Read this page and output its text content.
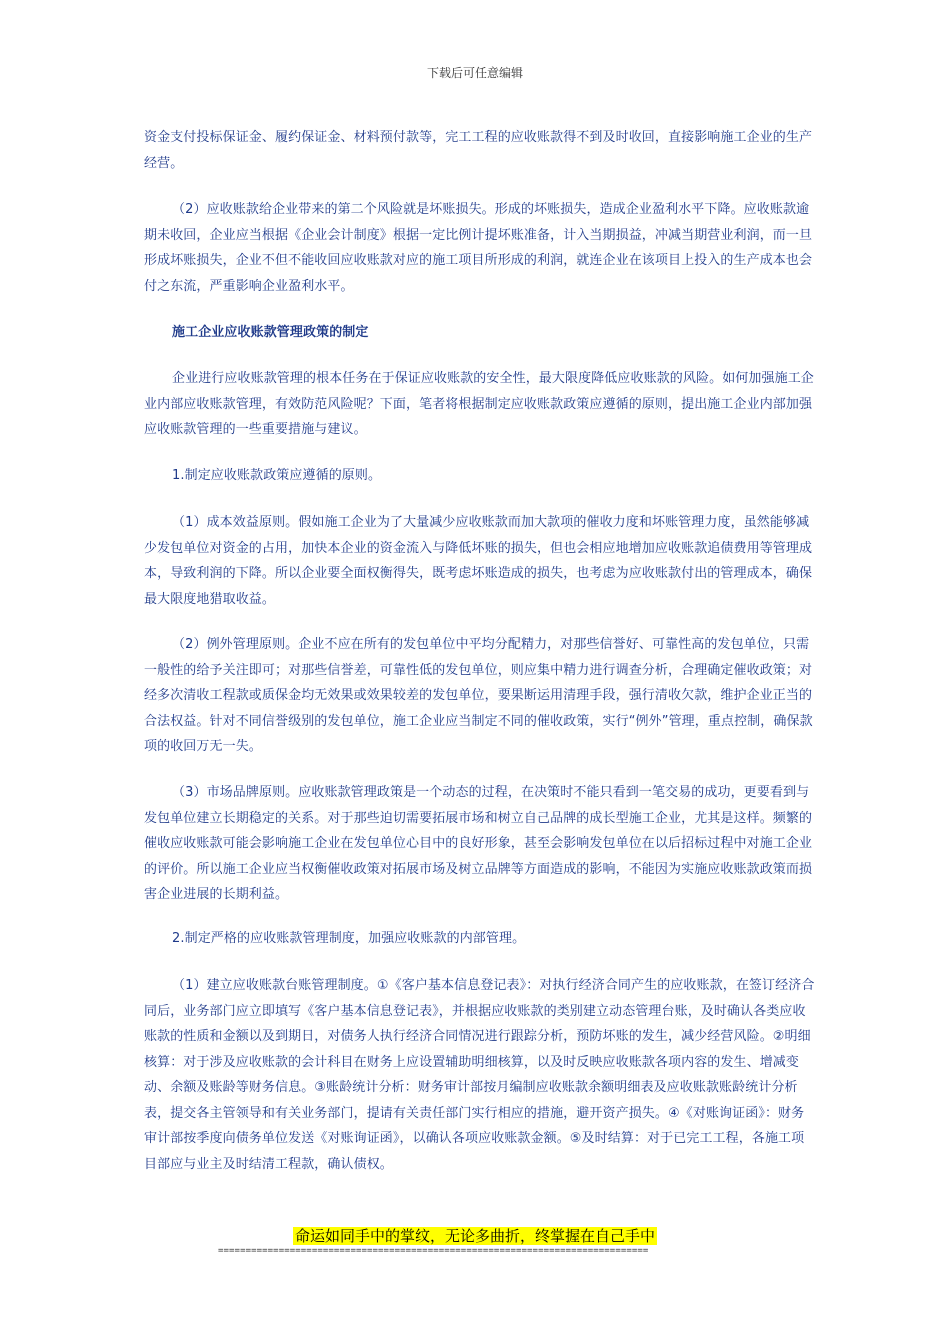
下载后可任意编辑

资金支付投标保证金、履约保证金、材料预付款等，完工工程的应收账款得不到及时收回，直接影响施工企业的生产经营。

（2）应收账款给企业带来的第二个风险就是坏账损失。形成的坏账损失，造成企业盈利水平下降。应收账款逾期未收回，企业应当根据《企业会计制度》根据一定比例计提坏账准备，计入当期损益，冲减当期营业利润，而一旦形成坏账损失，企业不但不能收回应收账款对应的施工项目所形成的利润，就连企业在该项目上投入的生产成本也会付之东流，严重影响企业盈利水平。

施工企业应收账款管理政策的制定

企业进行应收账款管理的根本任务在于保证应收账款的安全性，最大限度降低应收账款的风险。如何加强施工企业内部应收账款管理，有效防范风险呢？下面，笔者将根据制定应收账款政策应遵循的原则，提出施工企业内部加强应收账款管理的一些重要措施与建议。

1.制定应收账款政策应遵循的原则。

（1）成本效益原则。假如施工企业为了大量减少应收账款而加大款项的催收力度和坏账管理力度，虽然能够减少发包单位对资金的占用，加快本企业的资金流入与降低坏账的损失，但也会相应地增加应收账款追债费用等管理成本，导致利润的下降。所以企业要全面权衡得失，既考虑坏账造成的损失，也考虑为应收账款付出的管理成本，确保最大限度地猎取收益。

（2）例外管理原则。企业不应在所有的发包单位中平均分配精力，对那些信誉好、可靠性高的发包单位，只需一般性的给予关注即可；对那些信誉差，可靠性低的发包单位，则应集中精力进行调查分析，合理确定催收政策；对经多次清收工程款或质保金均无效果或效果较差的发包单位，要果断运用清理手段，强行清收欠款，维护企业正当的合法权益。针对不同信誉级别的发包单位，施工企业应当制定不同的催收政策，实行“例外”管理，重点控制，确保款项的收回万无一失。

（3）市场品牌原则。应收账款管理政策是一个动态的过程，在决策时不能只看到一笔交易的成功，更要看到与发包单位建立长期稳定的关系。对于那些迫切需要拓展市场和树立自己品牌的成长型施工企业，尤其是这样。频繁的催收应收账款可能会影响施工企业在发包单位心目中的良好形象，甚至会影响发包单位在以后招标过程中对施工企业的评价。所以施工企业应当权衡催收政策对拓展市场及树立品牌等方面造成的影响，不能因为实施应收账款政策而损害企业进展的长期利益。

2.制定严格的应收账款管理制度，加强应收账款的内部管理。

（1）建立应收账款台账管理制度。①《客户基本信息登记表》：对执行经济合同产生的应收账款，在签订经济合同后，业务部门应立即填写《客户基本信息登记表》，并根据应收账款的类别建立动态管理台账，及时确认各类应收账款的性质和金额以及到期日，对债务人执行经济合同情况进行跟踪分析，预防坏账的发生，减少经营风险。②明细核算：对于涉及应收账款的会计科目在财务上应设置辅助明细核算，以及时反映应收账款各项内容的发生、增减变动、余额及账龄等财务信息。③账龄统计分析：财务审计部按月编制应收账款余额明细表及应收账款账龄统计分析表，提交各主管领导和有关业务部门，提请有关责任部门实行相应的措施，避开资产损失。④《对账询证函》：财务审计部按季度向债务单位发送《对账询证函》，以确认各项应收账款金额。⑤及时结算：对于已完工工程，各施工项目部应与业主及时结清工程款，确认债权。

命运如同手中的掌纹，无论多曲折，终掌握在自己手中
==============================================================================
